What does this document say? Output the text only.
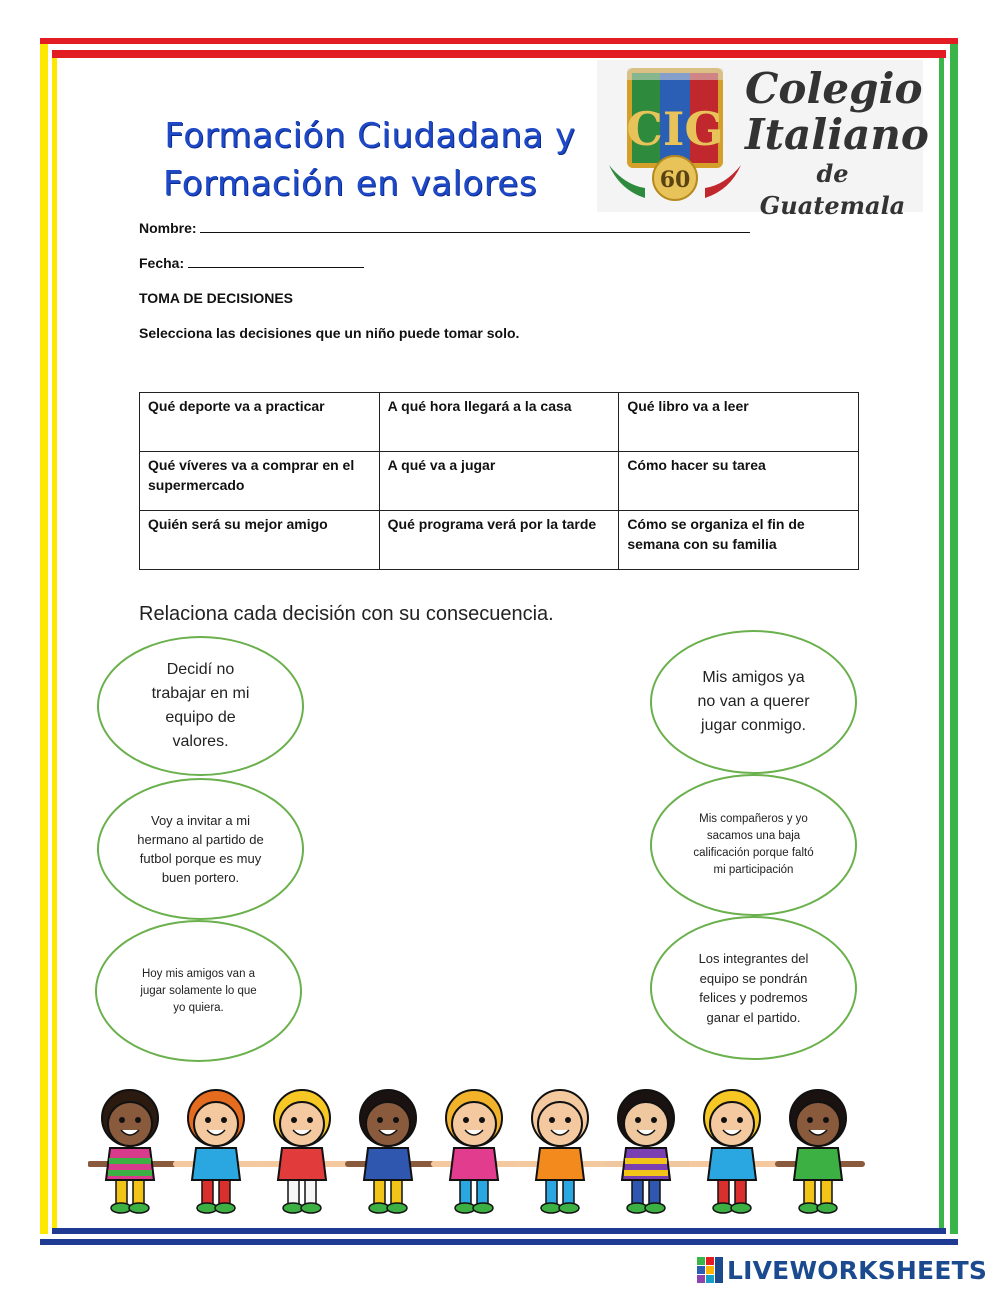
Formación Ciudadana y
Formación en valores
CIG
60
Colegio
Italiano
de Guatemala
Nombre:
Fecha:
TOMA DE DECISIONES
Selecciona las decisiones que un niño puede tomar solo.
Qué deporte va a practicar	A qué hora llegará a la casa	Qué libro va a leer
Qué víveres va a comprar en el supermercado	A qué va a jugar	Cómo hacer su tarea
Quién será su mejor amigo	Qué programa verá por la tarde	Cómo se organiza el fin de semana con su familia
Relaciona cada decisión con su consecuencia.
Decidí no trabajar en mi equipo de valores.
Voy a invitar a mi hermano al partido de futbol porque es muy buen portero.
Hoy mis amigos van a jugar solamente lo que yo quiera.
Mis amigos ya no van a querer jugar conmigo.
Mis compañeros y yo sacamos una baja calificación porque faltó mi participación
Los integrantes del equipo se pondrán felices y podremos ganar el partido.
LIVEWORKSHEETS
